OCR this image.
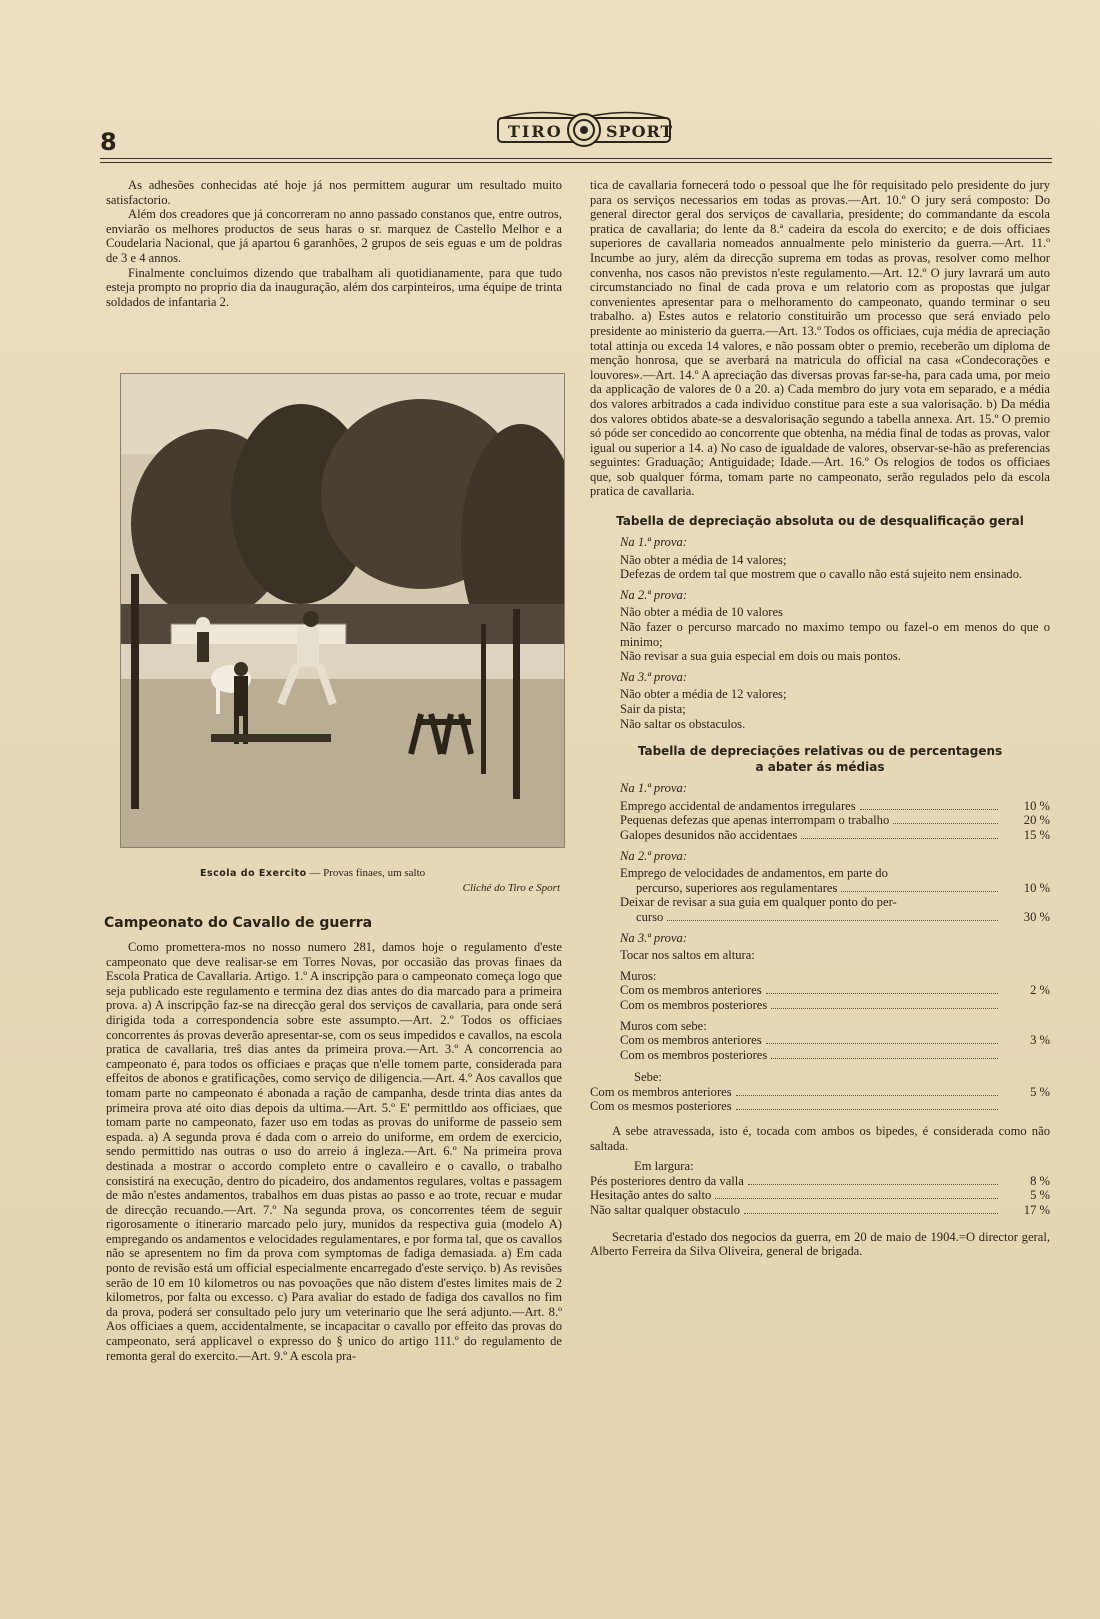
8	TIRO	SPORT

As adhesões conhecidas até hoje já nos permittem augurar um resultado muito satisfactorio.

Além dos creadores que já concorreram no anno passado constanos que, entre outros, enviarão os melhores productos de seus haras o sr. marquez de Castello Melhor e a Coudelaria Nacional, que já apartou 6 garanhões, 2 grupos de seis eguas e um de poldras de 3 e 4 annos.

Finalmente concluimos dizendo que trabalham ali quotidianamente, para que tudo esteja prompto no proprio dia da inauguração, além dos carpinteiros, uma équipe de trinta soldados de infantaria 2.

Escola do Exercito — Provas finaes, um salto
Cliché do Tiro e Sport
Campeonato do Cavallo de guerra

Como promettera-mos no nosso numero 281, damos hoje o regulamento d'este campeonato que deve realisar-se em Torres Novas, por occasião das provas finaes da Escola Pratica de Cavallaria. Artigo. 1.º A inscripção para o campeonato começa logo que seja publicado este regulamento e termina dez dias antes do dia marcado para a primeira prova. a) A inscripção faz-se na direcção geral dos serviços de cavallaria, para onde será dirigida toda a correspondencia sobre este assumpto.—Art. 2.º Todos os officiaes concorrentes ás provas deverão apresentar-se, com os seus impedidos e cavallos, na escola pratica de cavallaria, treŝ dias antes da primeira prova.—Art. 3.º A concorrencia ao campeonato é, para todos os officiaes e praças que n'elle tomem parte, considerada para effeitos de abonos e gratificações, como serviço de diligencia.—Art. 4.º Aos cavallos que tomam parte no campeonato é abonada a ração de campanha, desde trinta dias antes da primeira prova até oito dias depois da ultima.—Art. 5.º E' permittldo aos officiaes, que tomam parte no campeonato, fazer uso em todas as provas do uniforme de passeio sem espada. a) A segunda prova é dada com o arreio do uniforme, em ordem de exercicio, sendo permittido nas outras o uso do arreio á ingleza.—Art. 6.º Na primeira prova destinada a mostrar o accordo completo entre o cavalleiro e o cavallo, o trabalho consistirá na execução, dentro do picadeiro, dos andamentos regulares, voltas e passagem de mão n'estes andamentos, trabalhos em duas pistas ao passo e ao trote, recuar e mudar de direcção recuando.—Art. 7.º Na segunda prova, os concorrentes téem de seguir rigorosamente o itinerario marcado pelo jury, munidos da respectiva guia (modelo A) empregando os andamentos e velocidades regulamentares, e por forma tal, que os cavallos não se apresentem no fim da prova com symptomas de fadiga demasiada. a) Em cada ponto de revisão está um official especialmente encarregado d'este serviço. b) As revisões serão de 10 em 10 kilometros ou nas povoações que não distem d'estes limites mais de 2 kilometros, por falta ou excesso. c) Para avaliar do estado de fadiga dos cavallos no fim da prova, poderá ser consultado pelo jury um veterinario que lhe será adjunto.—Art. 8.º Aos officiaes a quem, accidentalmente, se incapacitar o cavallo por effeito das provas do campeonato, será applicavel o expresso do § unico do artigo 111.º do regulamento de remonta geral do exercito.—Art. 9.º A escola pra-

tica de cavallaria fornecerá todo o pessoal que lhe fôr requisitado pelo presidente do jury para os serviços necessarios em todas as provas.—Art. 10.º O jury será composto: Do general director geral dos serviços de cavallaria, presidente; do commandante da escola pratica de cavallaria; do lente da 8.ª cadeira da escola do exercito; e de dois officiaes superiores de cavallaria nomeados annualmente pelo ministerio da guerra.—Art. 11.º Incumbe ao jury, além da direcção suprema em todas as provas, resolver como melhor convenha, nos casos não previstos n'este regulamento.—Art. 12.º O jury lavrará um auto circumstanciado no final de cada prova e um relatorio com as propostas que julgar convenientes apresentar para o melhoramento do campeonato, quando terminar o seu trabalho. a) Estes autos e relatorio constituirão um processo que será enviado pelo presidente ao ministerio da guerra.—Art. 13.º Todos os officiaes, cuja média de apreciação total attinja ou exceda 14 valores, e não possam obter o premio, receberão um diploma de menção honrosa, que se averbará na matricula do official na casa «Condecorações e louvores».—Art. 14.º A apreciação das diversas provas far-se-ha, para cada uma, por meio da applicação de valores de 0 a 20. a) Cada membro do jury vota em separado, e a média dos valores arbitrados a cada individuo constitue para este a sua valorisação. b) Da média dos valores obtidos abate-se a desvalorisação segundo a tabella annexa. Art. 15.º O premio só póde ser concedido ao concorrente que obtenha, na média final de todas as provas, valor igual ou superior a 14. a) No caso de igualdade de valores, observar-se-hão as preferencias seguintes: Graduação; Antiguidade; Idade.—Art. 16.º Os relogios de todos os officiaes que, sob qualquer fórma, tomam parte no campeonato, serão regulados pelo da escola pratica de cavallaria.

Tabella de depreciação absoluta ou de desqualificação geral
Na 1.ª prova:
Não obter a média de 14 valores;
Defezas de ordem tal que mostrem que o cavallo não está sujeito nem ensinado.
Na 2.ª prova:
Não obter a média de 10 valores
Não fazer o percurso marcado no maximo tempo ou fazel-o em menos do que o minimo;
Não revisar a sua guia especial em dois ou mais pontos.
Na 3.ª prova:
Não obter a média de 12 valores;
Sair da pista;
Não saltar os obstaculos.
Tabella de depreciações relativas ou de percentagens
a abater ás médias
Na 1.ª prova:
Emprego accidental de andamentos irregulares	10 %
Pequenas defezas que apenas interrompam o trabalho	20 %
Galopes desunidos não accidentaes	15 %
Na 2.ª prova:
Emprego de velocidades de andamentos, em parte do
percurso, superiores aos regulamentares	10 %
Deixar de revisar a sua guia em qualquer ponto do per-
curso	30 %
Na 3.ª prova:
Tocar nos saltos em altura:
Muros:
Com os membros anteriores	2 %
Com os membros posteriores
Muros com sebe:
Com os membros anteriores	3 %
Com os membros posteriores
Sebe:
Com os membros anteriores	5 %
Com os mesmos posteriores

A sebe atravessada, isto é, tocada com ambos os bipedes, é considerada como não saltada.

Em largura:
Pés posteriores dentro da valla	8 %
Hesitação antes do salto	5 %
Não saltar qualquer obstaculo	17 %

Secretaria d'estado dos negocios da guerra, em 20 de maio de 1904.=O director geral, Alberto Ferreira da Silva Oliveira, general de brigada.
